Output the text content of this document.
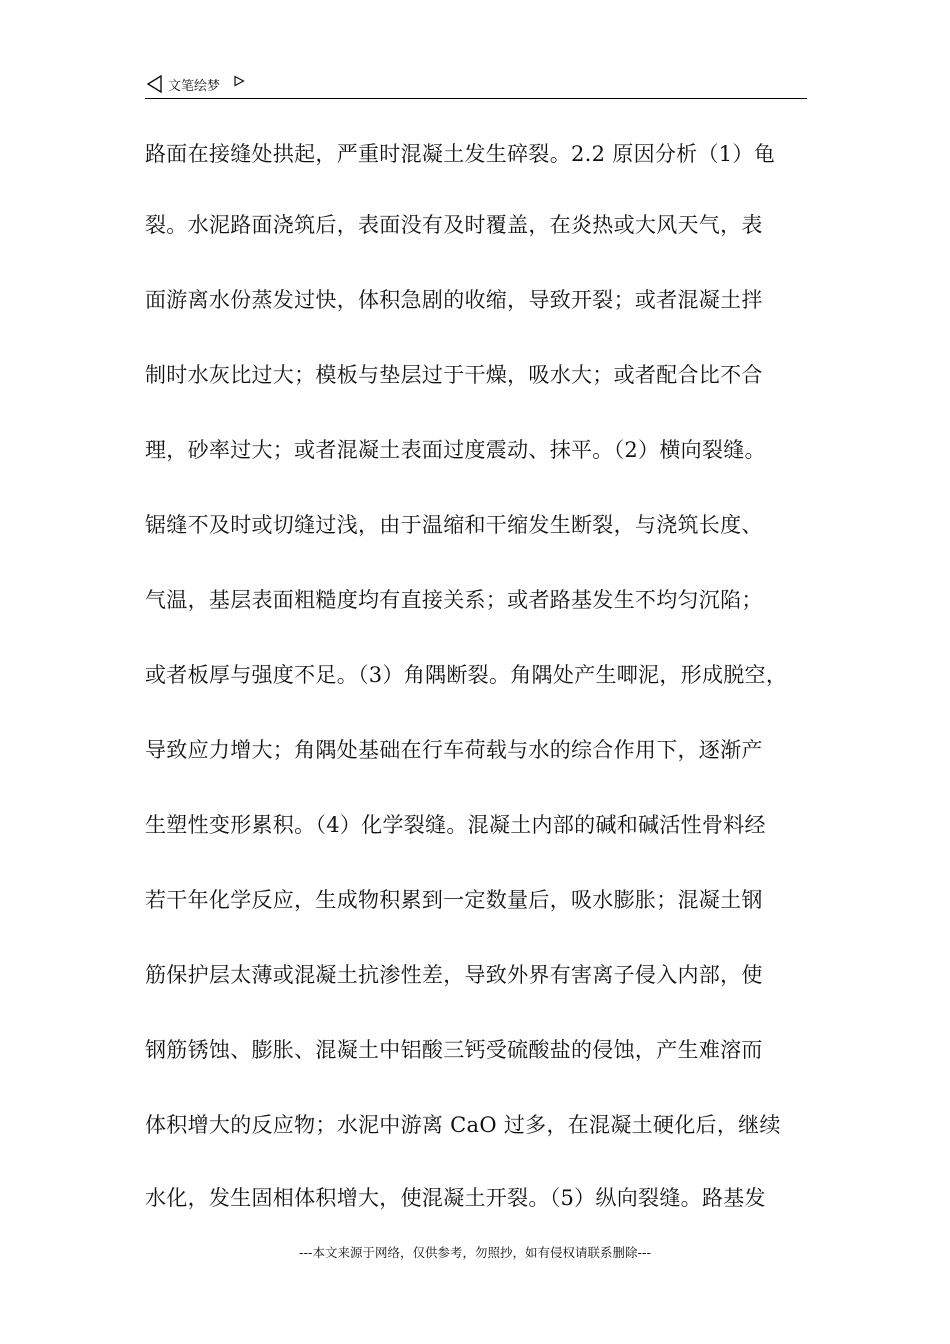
文笔绘梦
路面在接缝处拱起，严重时混凝土发生碎裂。2.2 原因分析（1）龟
裂。水泥路面浇筑后，表面没有及时覆盖，在炎热或大风天气，表
面游离水份蒸发过快，体积急剧的收缩，导致开裂；或者混凝土拌
制时水灰比过大；模板与垫层过于干燥，吸水大；或者配合比不合
理，砂率过大；或者混凝土表面过度震动、抹平。（2）横向裂缝。
锯缝不及时或切缝过浅，由于温缩和干缩发生断裂，与浇筑长度、
气温，基层表面粗糙度均有直接关系；或者路基发生不均匀沉陷；
或者板厚与强度不足。（3）角隅断裂。角隅处产生唧泥，形成脱空，
导致应力增大；角隅处基础在行车荷载与水的综合作用下，逐渐产
生塑性变形累积。（4）化学裂缝。混凝土内部的碱和碱活性骨料经
若干年化学反应，生成物积累到一定数量后，吸水膨胀；混凝土钢
筋保护层太薄或混凝土抗渗性差，导致外界有害离子侵入内部，使
钢筋锈蚀、膨胀、混凝土中铝酸三钙受硫酸盐的侵蚀，产生难溶而
体积增大的反应物；水泥中游离 CaO 过多，在混凝土硬化后，继续
水化，发生固相体积增大，使混凝土开裂。（5）纵向裂缝。路基发
---本文来源于网络，仅供参考，勿照抄，如有侵权请联系删除---
